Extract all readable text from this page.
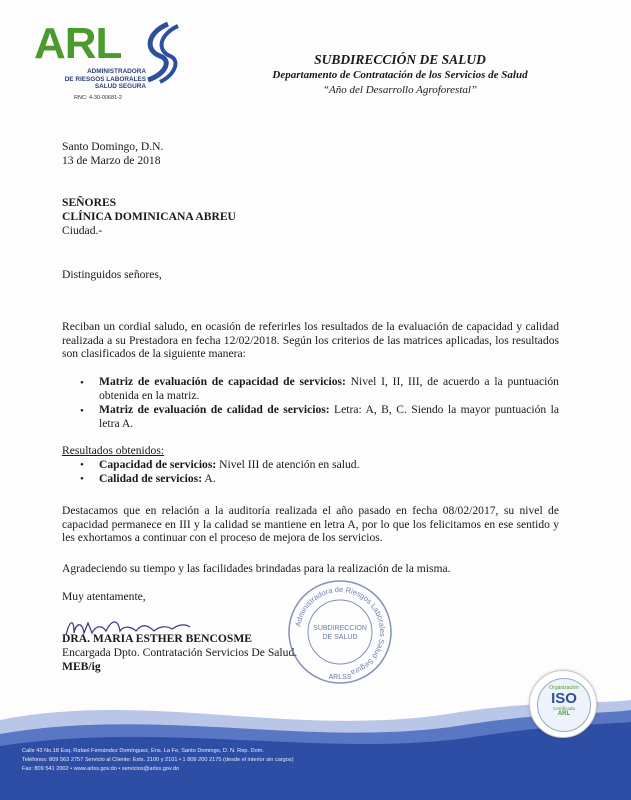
ARL
ADMINISTRADORA
DE RIESGOS LABORALES
SALUD SEGURA
RNC: 4-30-00681-2
SUBDIRECCIÓN DE SALUD
Departamento de Contratación de los Servicios de Salud
“Año del Desarrollo Agroforestal”
Santo Domingo, D.N.
13 de Marzo de 2018
SEÑORES
CLÍNICA DOMINICANA ABREU
Ciudad.-
Distinguidos señores,
Reciban un cordial saludo, en ocasión de referirles los resultados de la evaluación de capacidad y calidad realizada a su Prestadora en fecha 12/02/2018. Según los criterios de las matrices aplicadas, los resultados son clasificados de la siguiente manera:
• Matriz de evaluación de capacidad de servicios: Nivel I, II, III, de acuerdo a la puntuación obtenida en la matriz.
• Matriz de evaluación de calidad de servicios: Letra: A, B, C. Siendo la mayor puntuación la letra A.
Resultados obtenidos:
• Capacidad de servicios: Nivel III de atención en salud.
• Calidad de servicios: A.
Destacamos que en relación a la auditoría realizada el año pasado en fecha 08/02/2017, su nivel de capacidad permanece en III y la calidad se mantiene en letra A, por lo que los felicitamos en ese sentido y les exhortamos a continuar con el proceso de mejora de los servicios.
Agradeciendo su tiempo y las facilidades brindadas para la realización de la misma.
Muy atentamente,
DRA. MARIA ESTHER BENCOSME
Encargada Dpto. Contratación Servicios De Salud.
MEB/ig
Administradora de Riesgos Laborales Salud Segura
SUBDIRECCION
DE SALUD
ARLSS
Calle 43 No.18 Esq. Rafael Fernández Domínguez, Ens. La Fe, Santo Domingo, D. N. Rep. Dom.
Teléfonos: 809 563 2757 Servicio al Cliente: Exts. 2100 y 2101 • 1 809 200 2175 (desde el interior sin cargos)
Fax: 809 541 2002 • www.arlss.gov.do • servicios@arlss.gov.do
Organización
ISO
Certificada
ARL
